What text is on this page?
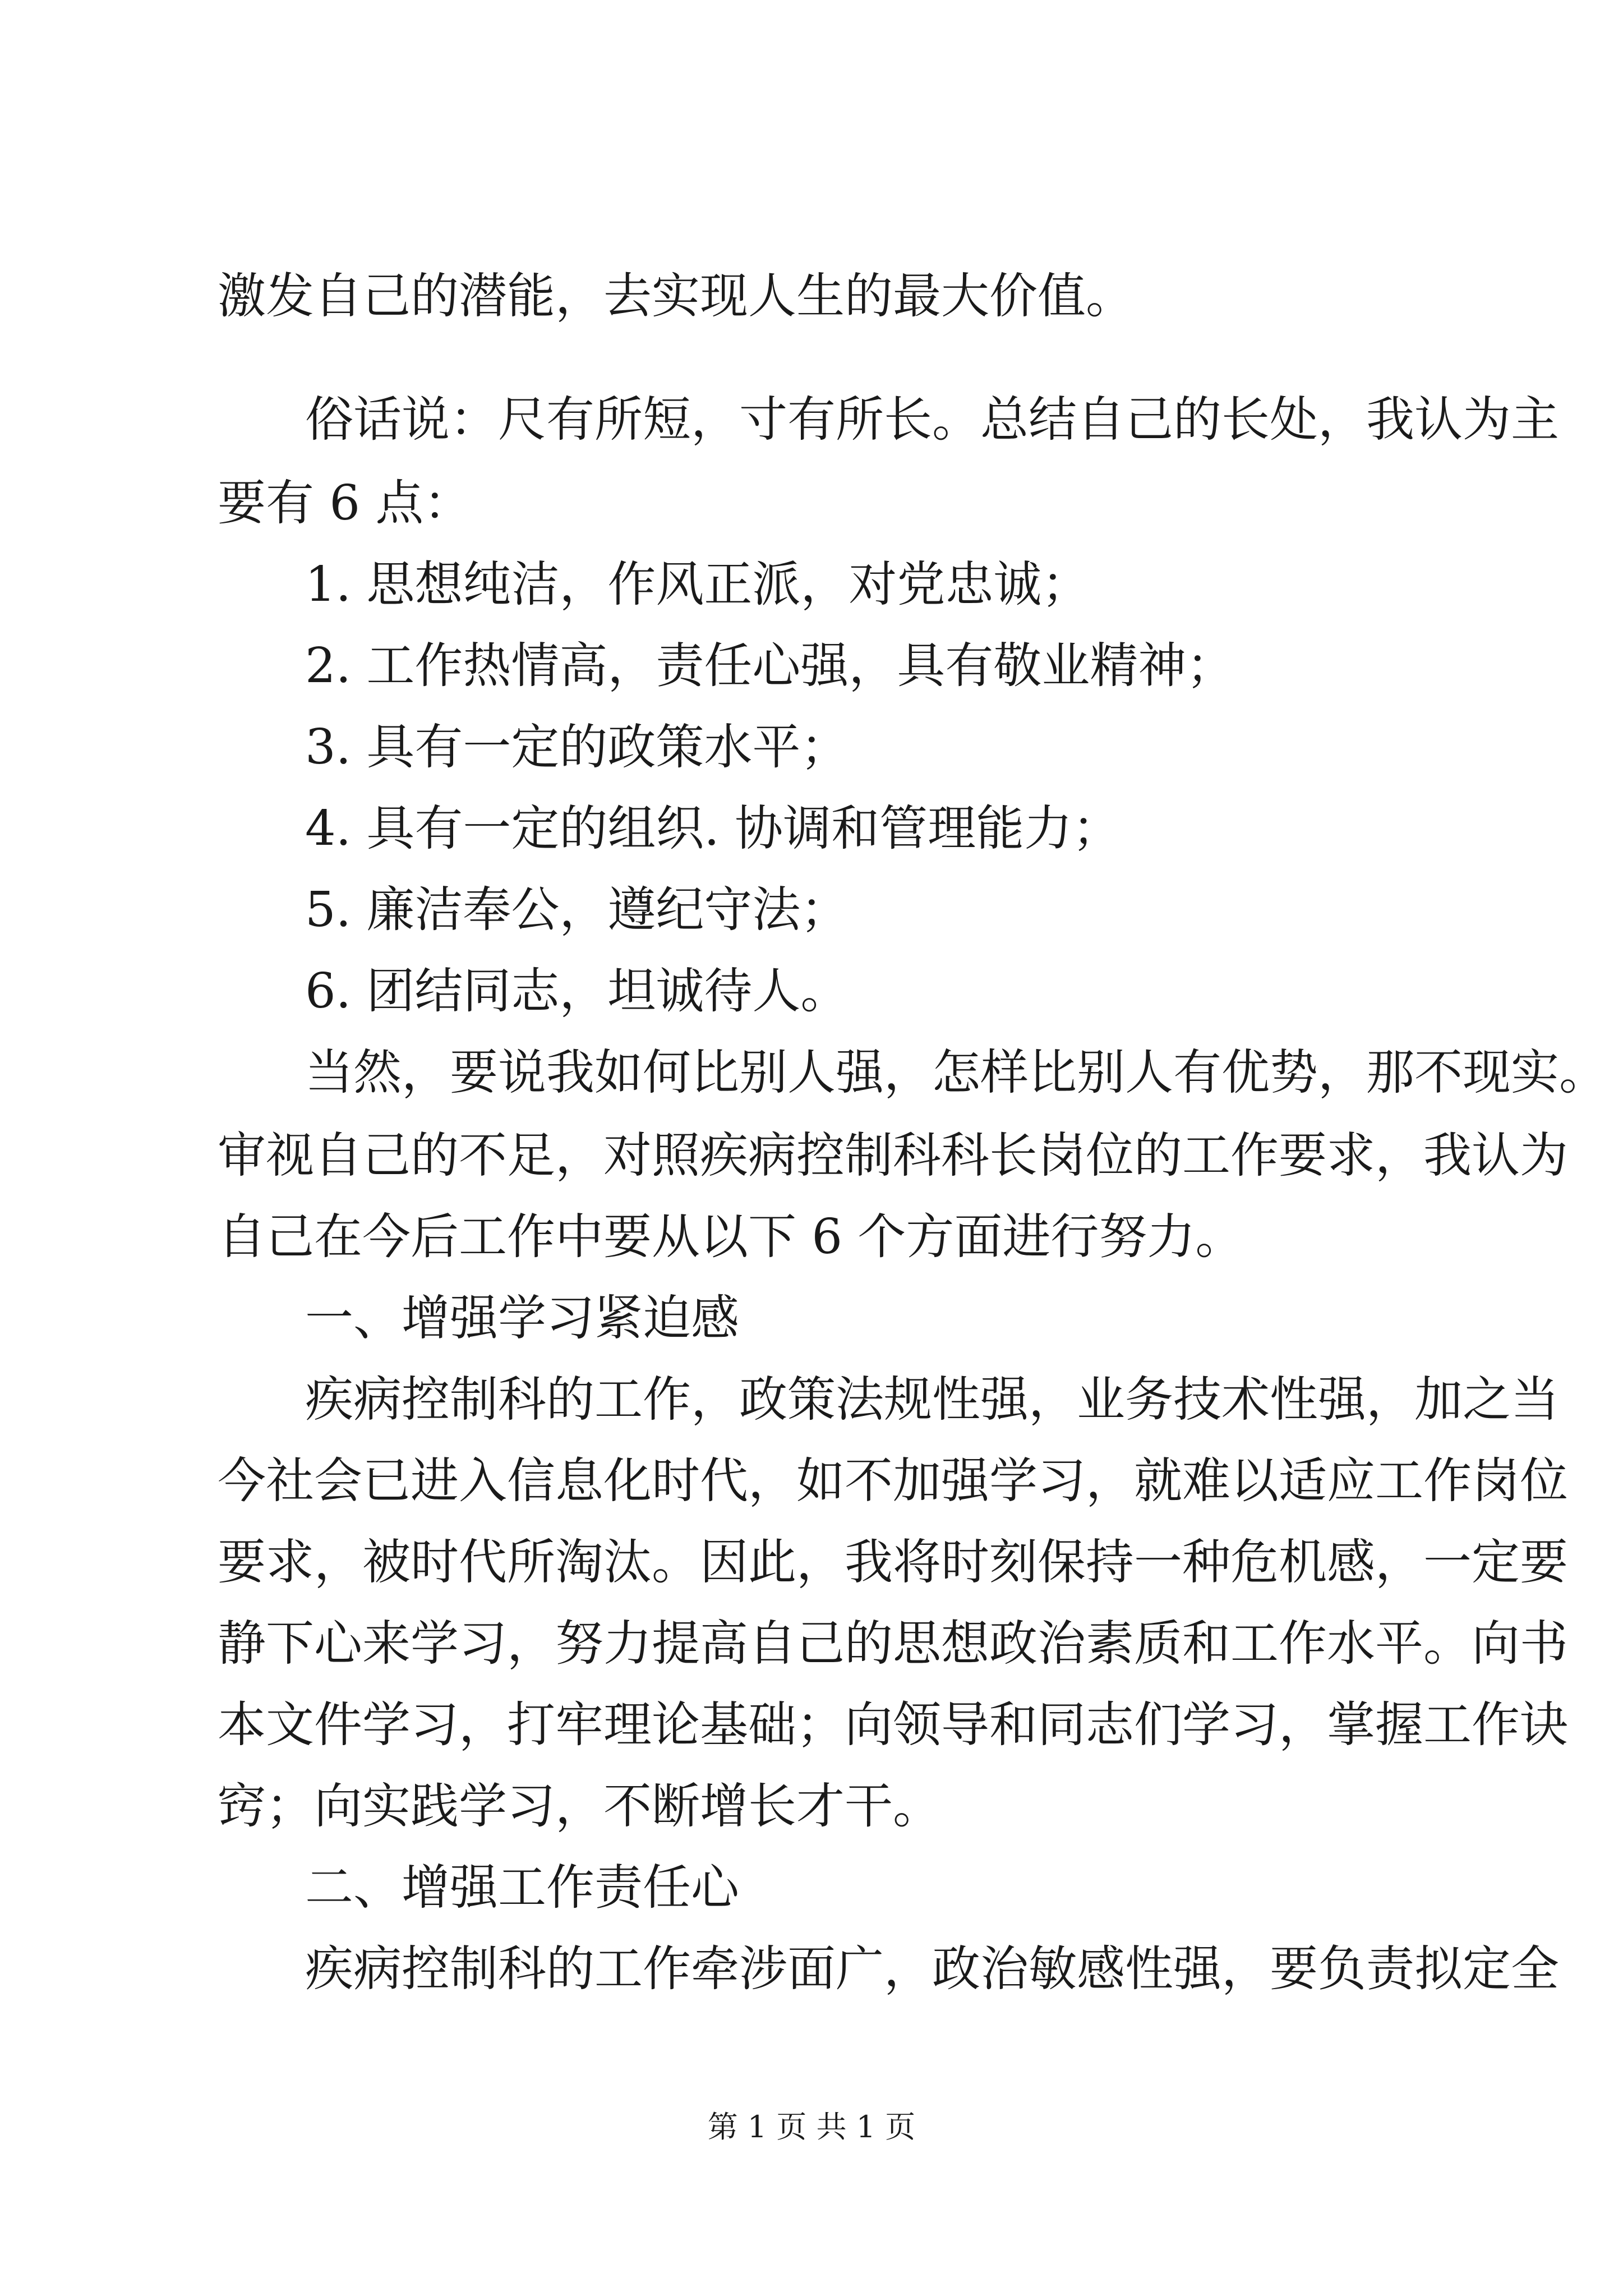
激发自己的潜能，去实现人生的最大价值。
俗话说：尺有所短，寸有所长。总结自己的长处，我认为主
要有 6 点：
1. 思想纯洁，作风正派，对党忠诚；
2. 工作热情高，责任心强，具有敬业精神；
3. 具有一定的政策水平；
4. 具有一定的组织. 协调和管理能力；
5. 廉洁奉公，遵纪守法；
6. 团结同志，坦诚待人。
当然，要说我如何比别人强，怎样比别人有优势，那不现实。
审视自己的不足，对照疾病控制科科长岗位的工作要求，我认为
自己在今后工作中要从以下 6 个方面进行努力。
一、增强学习紧迫感
疾病控制科的工作，政策法规性强，业务技术性强，加之当
今社会已进入信息化时代，如不加强学习，就难以适应工作岗位
要求，被时代所淘汰。因此，我将时刻保持一种危机感，一定要
静下心来学习，努力提高自己的思想政治素质和工作水平。向书
本文件学习，打牢理论基础；向领导和同志们学习，掌握工作诀
窍；向实践学习，不断增长才干。
二、增强工作责任心
疾病控制科的工作牵涉面广，政治敏感性强，要负责拟定全
第 1 页 共 1 页
